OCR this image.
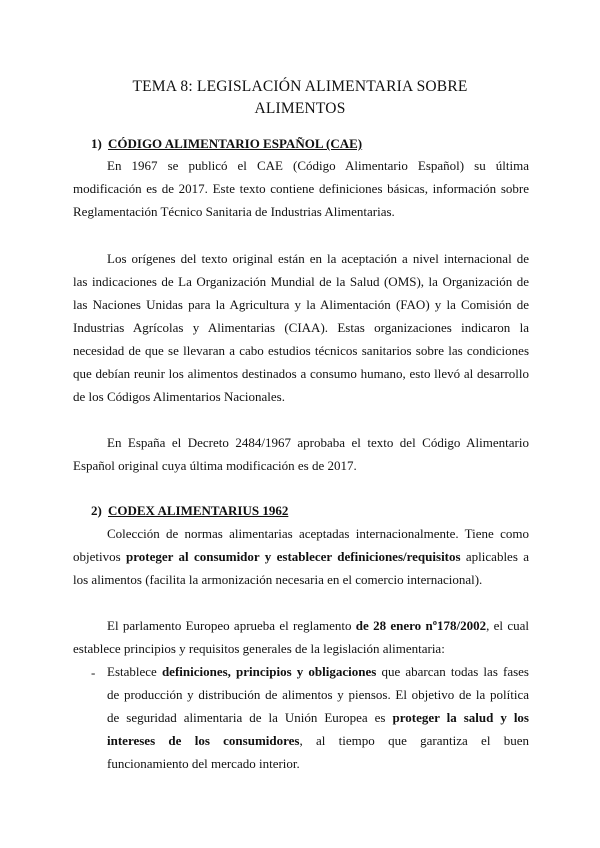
TEMA 8: LEGISLACIÓN ALIMENTARIA SOBRE
ALIMENTOS
1) CÓDIGO ALIMENTARIO ESPAÑOL (CAE)
En 1967 se publicó el CAE (Código Alimentario Español) su última
modificación es de 2017. Este texto contiene definiciones básicas, información sobre
Reglamentación Técnico Sanitaria de Industrias Alimentarias.
Los orígenes del texto original están en la aceptación a nivel internacional de
las indicaciones de La Organización Mundial de la Salud (OMS), la Organización de
las Naciones Unidas para la Agricultura y la Alimentación (FAO) y la Comisión de
Industrias Agrícolas y Alimentarias (CIAA). Estas organizaciones indicaron la
necesidad de que se llevaran a cabo estudios técnicos sanitarios sobre las condiciones
que debían reunir los alimentos destinados a consumo humano, esto llevó al desarrollo
de los Códigos Alimentarios Nacionales.
En España el Decreto 2484/1967 aprobaba el texto del Código Alimentario
Español original cuya última modificación es de 2017.
2) CODEX ALIMENTARIUS 1962
Colección de normas alimentarias aceptadas internacionalmente. Tiene como
objetivos proteger al consumidor y establecer definiciones/requisitos aplicables a
los alimentos (facilita la armonización necesaria en el comercio internacional).
El parlamento Europeo aprueba el reglamento de 28 enero nº178/2002, el cual
establece principios y requisitos generales de la legislación alimentaria:
- Establece definiciones, principios y obligaciones que abarcan todas las fases
de producción y distribución de alimentos y piensos. El objetivo de la política
de seguridad alimentaria de la Unión Europea es proteger la salud y los
intereses de los consumidores, al tiempo que garantiza el buen
funcionamiento del mercado interior.
